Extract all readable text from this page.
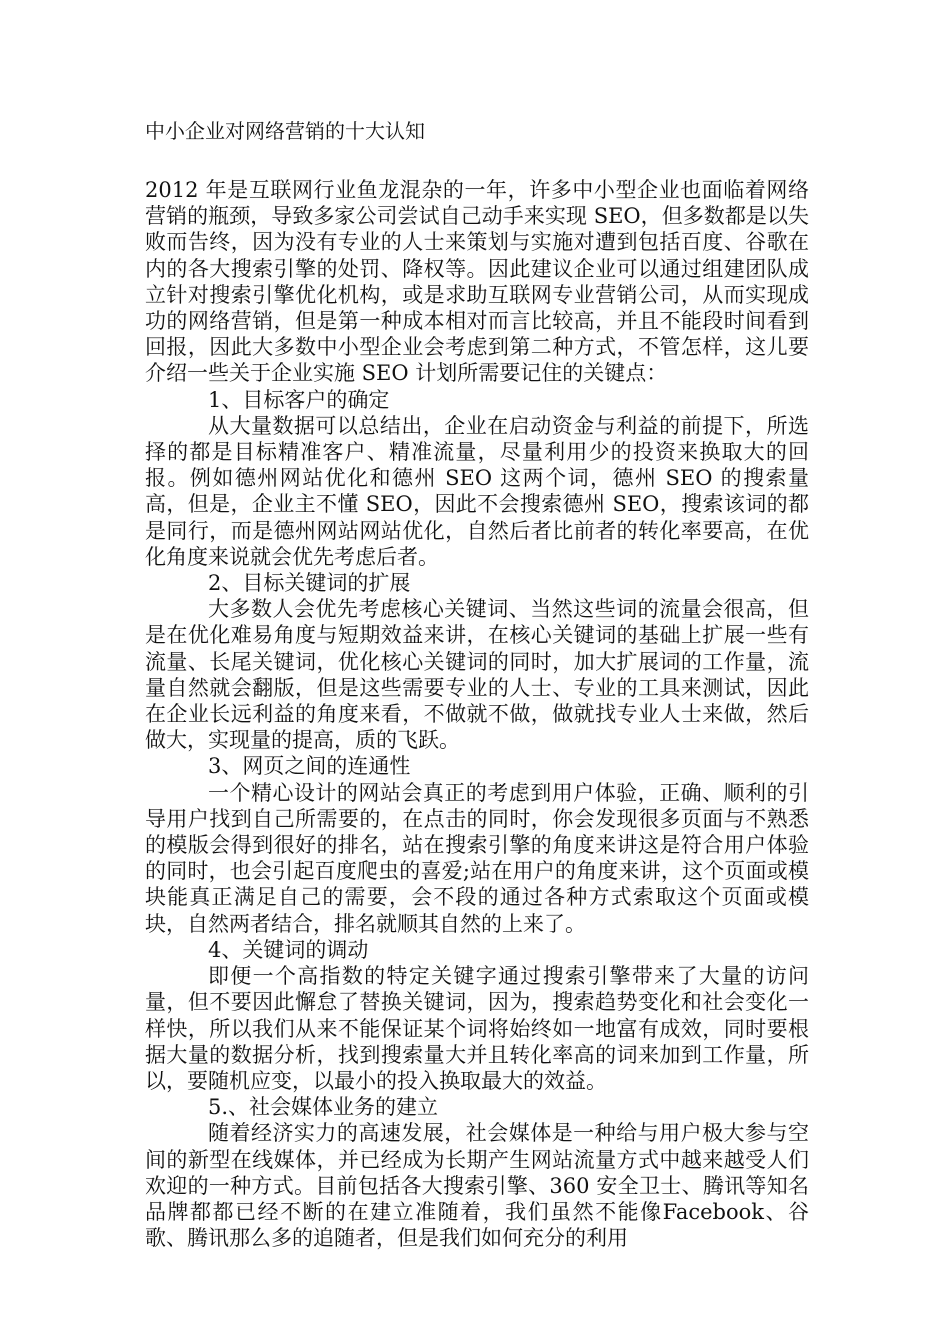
中小企业对网络营销的十大认知

2012 年是互联网行业鱼龙混杂的一年，许多中小型企业也面临着网络营销的瓶颈，导致多家公司尝试自己动手来实现 SEO，但多数都是以失败而告终，因为没有专业的人士来策划与实施对遭到包括百度、谷歌在内的各大搜索引擎的处罚、降权等。因此建议企业可以通过组建团队成立针对搜索引擎优化机构，或是求助互联网专业营销公司，从而实现成功的网络营销，但是第一种成本相对而言比较高，并且不能段时间看到回报，因此大多数中小型企业会考虑到第二种方式，不管怎样，这儿要介绍一些关于企业实施 SEO 计划所需要记住的关键点：

1、目标客户的确定

从大量数据可以总结出，企业在启动资金与利益的前提下，所选择的都是目标精准客户、精准流量，尽量利用少的投资来换取大的回报。例如德州网站优化和德州 SEO 这两个词，德州 SEO 的搜索量高，但是，企业主不懂 SEO，因此不会搜索德州 SEO，搜索该词的都是同行，而是德州网站网站优化，自然后者比前者的转化率要高，在优化角度来说就会优先考虑后者。

2、目标关键词的扩展

大多数人会优先考虑核心关键词、当然这些词的流量会很高，但是在优化难易角度与短期效益来讲，在核心关键词的基础上扩展一些有流量、长尾关键词，优化核心关键词的同时，加大扩展词的工作量，流量自然就会翻版，但是这些需要专业的人士、专业的工具来测试，因此在企业长远利益的角度来看，不做就不做，做就找专业人士来做，然后做大，实现量的提高，质的飞跃。

3、网页之间的连通性

一个精心设计的网站会真正的考虑到用户体验，正确、顺利的引导用户找到自己所需要的，在点击的同时，你会发现很多页面与不熟悉的模版会得到很好的排名，站在搜索引擎的角度来讲这是符合用户体验的同时，也会引起百度爬虫的喜爱;站在用户的角度来讲，这个页面或模块能真正满足自己的需要，会不段的通过各种方式索取这个页面或模块，自然两者结合，排名就顺其自然的上来了。

4、关键词的调动

即便一个高指数的特定关键字通过搜索引擎带来了大量的访问量，但不要因此懈怠了替换关键词，因为，搜索趋势变化和社会变化一样快，所以我们从来不能保证某个词将始终如一地富有成效，同时要根据大量的数据分析，找到搜索量大并且转化率高的词来加到工作量，所以，要随机应变，以最小的投入换取最大的效益。

5.、社会媒体业务的建立

随着经济实力的高速发展，社会媒体是一种给与用户极大参与空间的新型在线媒体，并已经成为长期产生网站流量方式中越来越受人们欢迎的一种方式。目前包括各大搜索引擎、360 安全卫士、腾讯等知名品牌都都已经不断的在建立准随着，我们虽然不能像Facebook、谷歌、腾讯那么多的追随者，但是我们如何充分的利用
